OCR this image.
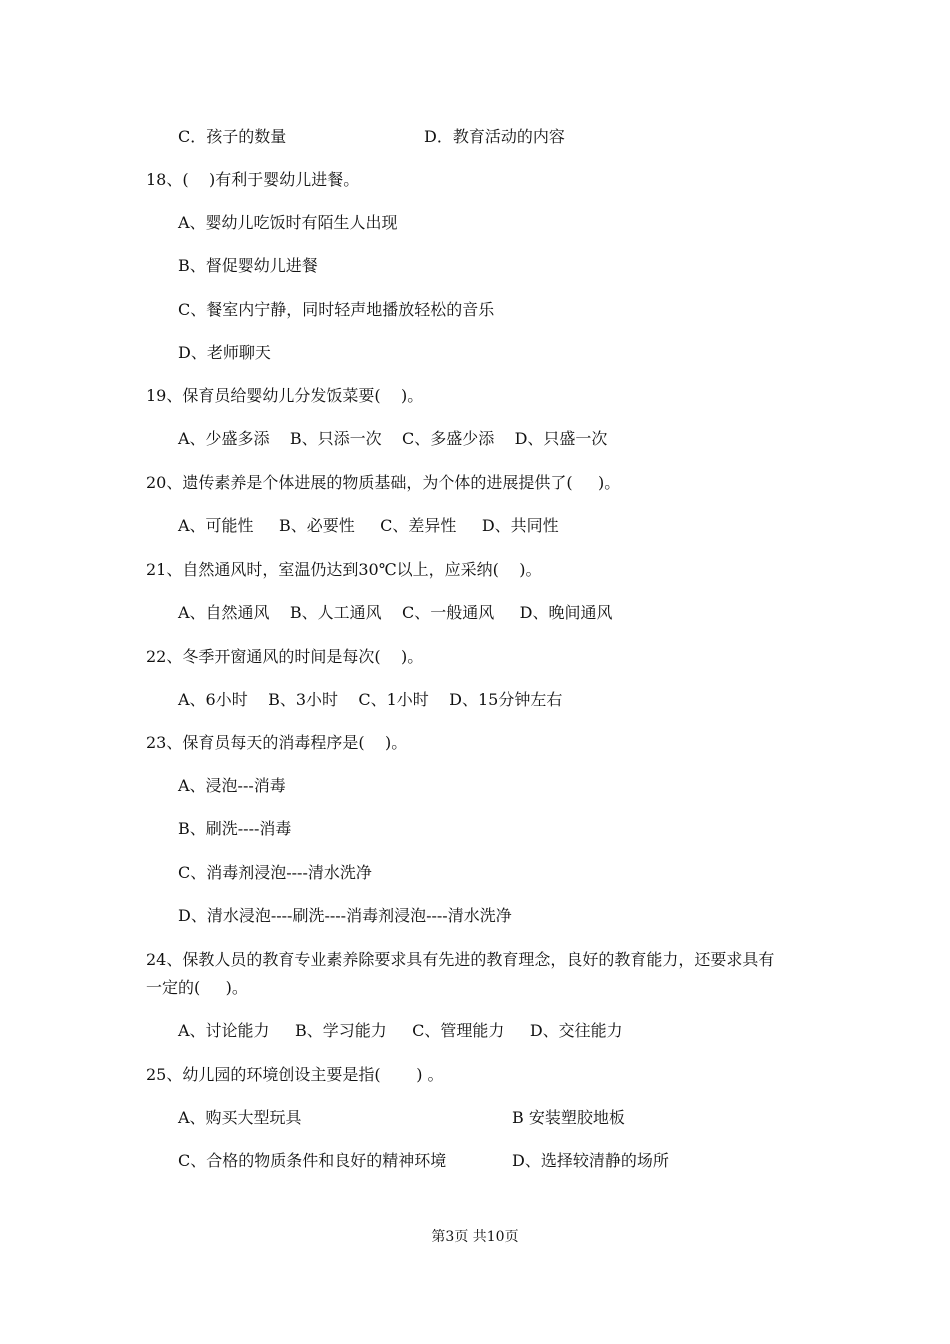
C．孩子的数量	D．教育活动的内容
18、(    )有利于婴幼儿进餐。
A、婴幼儿吃饭时有陌生人出现
B、督促婴幼儿进餐
C、餐室内宁静，同时轻声地播放轻松的音乐
D、老师聊天
19、保育员给婴幼儿分发饭菜要(    )。
A、少盛多添    B、只添一次    C、多盛少添    D、只盛一次
20、遗传素养是个体进展的物质基础，为个体的进展提供了(     )。
A、可能性     B、必要性     C、差异性     D、共同性
21、自然通风时，室温仍达到30℃以上，应采纳(    )。
A、自然通风    B、人工通风    C、一般通风     D、晚间通风
22、冬季开窗通风的时间是每次(    )。
A、6小时    B、3小时    C、1小时    D、15分钟左右
23、保育员每天的消毒程序是(    )。
A、浸泡---消毒
B、刷洗----消毒
C、消毒剂浸泡----清水洗净
D、清水浸泡----刷洗----消毒剂浸泡----清水洗净
24、保教人员的教育专业素养除要求具有先进的教育理念，良好的教育能力，还要求具有
一定的(     )。
A、讨论能力     B、学习能力     C、管理能力     D、交往能力
25、幼儿园的环境创设主要是指(       ) 。
A、购买大型玩具	B 安装塑胶地板
C、合格的物质条件和良好的精神环境	D、选择较清静的场所
第3页 共10页
